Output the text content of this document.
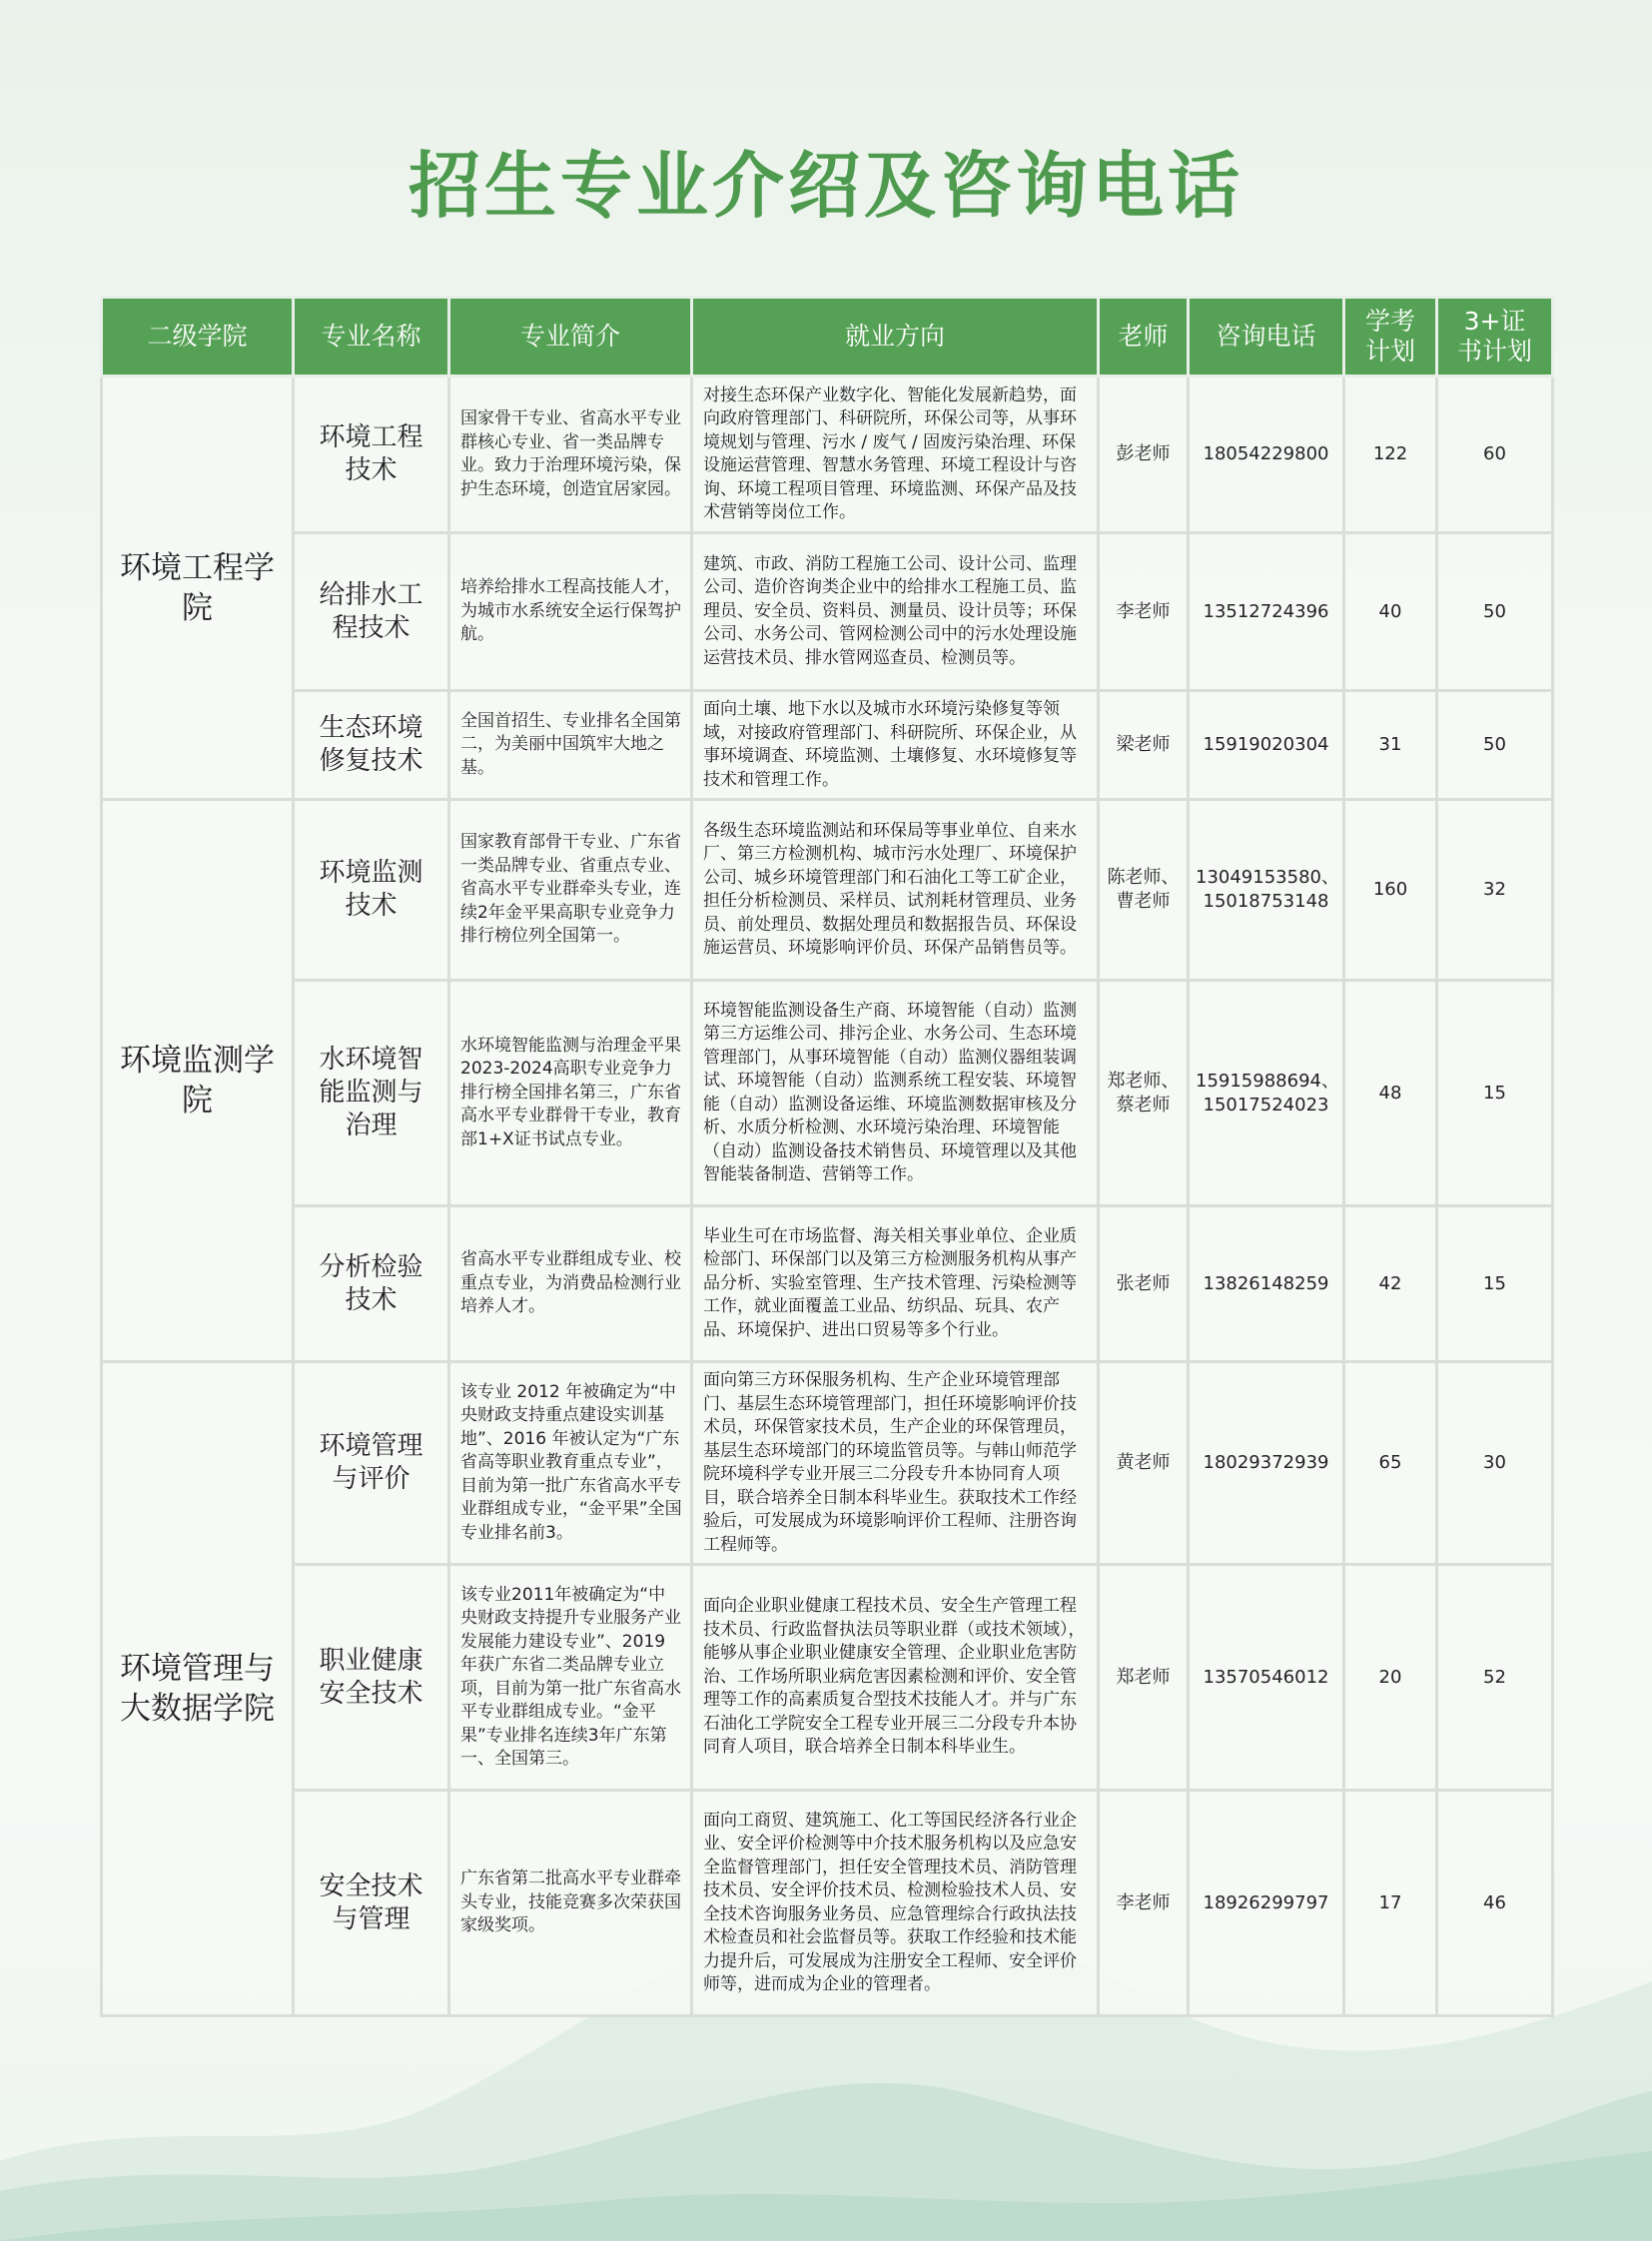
招生专业介绍及咨询电话
二级学院	专业名称	专业简介	就业方向	老师	咨询电话	学考计划	3+证书计划
环境工程学院	环境工程技术	国家骨干专业、省高水平专业群核心专业、省一类品牌专业。致力于治理环境污染，保护生态环境，创造宜居家园。	对接生态环保产业数字化、智能化发展新趋势，面向政府管理部门、科研院所，环保公司等，从事环境规划与管理、污水 / 废气 / 固废污染治理、环保设施运营管理、智慧水务管理、环境工程设计与咨询、环境工程项目管理、环境监测、环保产品及技术营销等岗位工作。	彭老师	18054229800	122	60
	给排水工程技术	培养给排水工程高技能人才，为城市水系统安全运行保驾护航。	建筑、市政、消防工程施工公司、设计公司、监理公司、造价咨询类企业中的给排水工程施工员、监理员、安全员、资料员、测量员、设计员等；环保公司、水务公司、管网检测公司中的污水处理设施运营技术员、排水管网巡查员、检测员等。	李老师	13512724396	40	50
	生态环境修复技术	全国首招生、专业排名全国第二，为美丽中国筑牢大地之基。	面向土壤、地下水以及城市水环境污染修复等领域，对接政府管理部门、科研院所、环保企业，从事环境调查、环境监测、土壤修复、水环境修复等技术和管理工作。	梁老师	15919020304	31	50
环境监测学院	环境监测技术	国家教育部骨干专业、广东省一类品牌专业、省重点专业、省高水平专业群牵头专业，连续2年金平果高职专业竞争力排行榜位列全国第一。	各级生态环境监测站和环保局等事业单位、自来水厂、第三方检测机构、城市污水处理厂、环境保护公司、城乡环境管理部门和石油化工等工矿企业，担任分析检测员、采样员、试剂耗材管理员、业务员、前处理员、数据处理员和数据报告员、环保设施运营员、环境影响评价员、环保产品销售员等。	陈老师、曹老师	13049153580、15018753148	160	32
	水环境智能监测与治理	水环境智能监测与治理金平果2023-2024高职专业竞争力排行榜全国排名第三，广东省高水平专业群骨干专业，教育部1+X证书试点专业。	环境智能监测设备生产商、环境智能（自动）监测第三方运维公司、排污企业、水务公司、生态环境管理部门，从事环境智能（自动）监测仪器组装调试、环境智能（自动）监测系统工程安装、环境智能（自动）监测设备运维、环境监测数据审核及分析、水质分析检测、水环境污染治理、环境智能（自动）监测设备技术销售员、环境管理以及其他智能装备制造、营销等工作。	郑老师、蔡老师	15915988694、15017524023	48	15
	分析检验技术	省高水平专业群组成专业、校重点专业，为消费品检测行业培养人才。	毕业生可在市场监督、海关相关事业单位、企业质检部门、环保部门以及第三方检测服务机构从事产品分析、实验室管理、生产技术管理、污染检测等工作，就业面覆盖工业品、纺织品、玩具、农产品、环境保护、进出口贸易等多个行业。	张老师	13826148259	42	15
环境管理与大数据学院	环境管理与评价	该专业 2012 年被确定为“中央财政支持重点建设实训基地”、2016 年被认定为“广东省高等职业教育重点专业”，目前为第一批广东省高水平专业群组成专业，“金平果”全国专业排名前3。	面向第三方环保服务机构、生产企业环境管理部门、基层生态环境管理部门，担任环境影响评价技术员，环保管家技术员，生产企业的环保管理员，基层生态环境部门的环境监管员等。与韩山师范学院环境科学专业开展三二分段专升本协同育人项目，联合培养全日制本科毕业生。获取技术工作经验后，可发展成为环境影响评价工程师、注册咨询工程师等。	黄老师	18029372939	65	30
	职业健康安全技术	该专业2011年被确定为“中央财政支持提升专业服务产业发展能力建设专业”、2019年获广东省二类品牌专业立项，目前为第一批广东省高水平专业群组成专业。“金平果”专业排名连续3年广东第一、全国第三。	面向企业职业健康工程技术员、安全生产管理工程技术员、行政监督执法员等职业群（或技术领域），能够从事企业职业健康安全管理、企业职业危害防治、工作场所职业病危害因素检测和评价、安全管理等工作的高素质复合型技术技能人才。并与广东石油化工学院安全工程专业开展三二分段专升本协同育人项目，联合培养全日制本科毕业生。	郑老师	13570546012	20	52
	安全技术与管理	广东省第二批高水平专业群牵头专业，技能竞赛多次荣获国家级奖项。	面向工商贸、建筑施工、化工等国民经济各行业企业、安全评价检测等中介技术服务机构以及应急安全监督管理部门，担任安全管理技术员、消防管理技术员、安全评价技术员、检测检验技术人员、安全技术咨询服务业务员、应急管理综合行政执法技术检查员和社会监督员等。获取工作经验和技术能力提升后，可发展成为注册安全工程师、安全评价师等，进而成为企业的管理者。	李老师	18926299797	17	46
